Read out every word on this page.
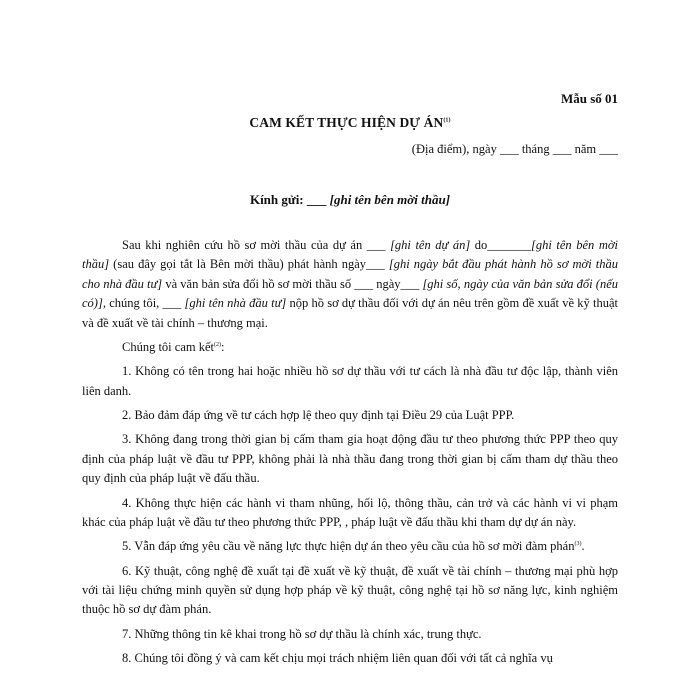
Mẫu số 01
CAM KẾT THỰC HIỆN DỰ ÁN$^{(1)}$
(Địa điểm), ngày ___ tháng ___ năm ___
Kính gửi: ___ [ghi tên bên mời thầu]

Sau khi nghiên cứu hồ sơ mời thầu của dự án ___ [ghi tên dự án] do_______[ghi tên bên mời thầu] (sau đây gọi tắt là Bên mời thầu) phát hành ngày___ [ghi ngày bắt đầu phát hành hồ sơ mời thầu cho nhà đầu tư] và văn bản sửa đổi hồ sơ mời thầu số ___ ngày___ [ghi số, ngày của văn bản sửa đổi (nếu có)], chúng tôi, ___ [ghi tên nhà đầu tư] nộp hồ sơ dự thầu đối với dự án nêu trên gồm đề xuất về kỹ thuật và đề xuất về tài chính – thương mại.

Chúng tôi cam kết$^{(2)}$:

1. Không có tên trong hai hoặc nhiều hồ sơ dự thầu với tư cách là nhà đầu tư độc lập, thành viên liên danh.

2. Bảo đảm đáp ứng về tư cách hợp lệ theo quy định tại Điều 29 của Luật PPP.

3. Không đang trong thời gian bị cấm tham gia hoạt động đầu tư theo phương thức PPP theo quy định của pháp luật về đầu tư PPP, không phải là nhà thầu đang trong thời gian bị cấm tham dự thầu theo quy định của pháp luật về đấu thầu.

4. Không thực hiện các hành vi tham nhũng, hối lộ, thông thầu, cản trở và các hành vi vi phạm khác của pháp luật về đầu tư theo phương thức PPP, , pháp luật về đấu thầu khi tham dự dự án này.

5. Vẫn đáp ứng yêu cầu về năng lực thực hiện dự án theo yêu cầu của hồ sơ mời đàm phán$^{(3)}$.

6. Kỹ thuật, công nghệ đề xuất tại đề xuất về kỹ thuật, đề xuất về tài chính – thương mại phù hợp với tài liệu chứng minh quyền sử dụng hợp pháp về kỹ thuật, công nghệ tại hồ sơ năng lực, kinh nghiệm thuộc hồ sơ dự đàm phán.

7. Những thông tin kê khai trong hồ sơ dự thầu là chính xác, trung thực.

8. Chúng tôi đồng ý và cam kết chịu mọi trách nhiệm liên quan đối với tất cả nghĩa vụ
